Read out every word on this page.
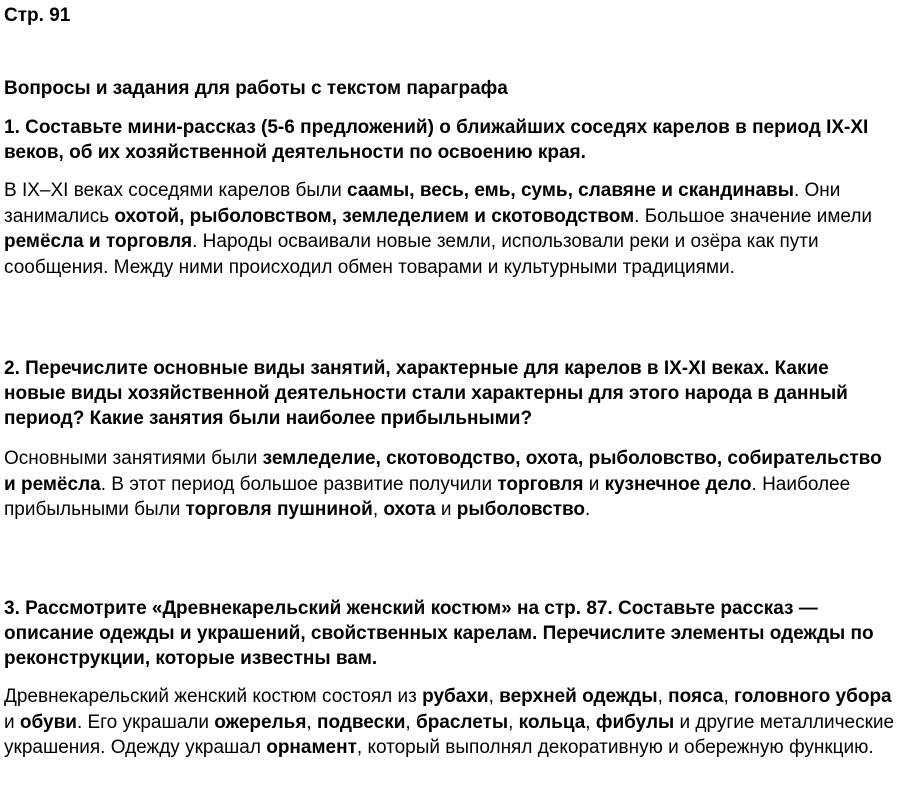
Стр. 91
Вопросы и задания для работы с текстом параграфа
1. Составьте мини-рассказ (5-6 предложений) о ближайших соседях карелов в период IX-XI веков, об их хозяйственной деятельности по освоению края.
В IX–XI веках соседями карелов были саамы, весь, емь, сумь, славяне и скандинавы. Они занимались охотой, рыболовством, земледелием и скотоводством. Большое значение имели ремёсла и торговля. Народы осваивали новые земли, использовали реки и озёра как пути сообщения. Между ними происходил обмен товарами и культурными традициями.
2. Перечислите основные виды занятий, характерные для карелов в IX-XI веках. Какие новые виды хозяйственной деятельности стали характерны для этого народа в данный период? Какие занятия были наиболее прибыльными?
Основными занятиями были земледелие, скотоводство, охота, рыболовство, собирательство и ремёсла. В этот период большое развитие получили торговля и кузнечное дело. Наиболее прибыльными были торговля пушниной, охота и рыболовство.
3. Рассмотрите «Древнекарельский женский костюм» на стр. 87. Составьте рассказ — описание одежды и украшений, свойственных карелам. Перечислите элементы одежды по реконструкции, которые известны вам.
Древнекарельский женский костюм состоял из рубахи, верхней одежды, пояса, головного убора и обуви. Его украшали ожерелья, подвески, браслеты, кольца, фибулы и другие металлические украшения. Одежду украшал орнамент, который выполнял декоративную и обережную функцию.
